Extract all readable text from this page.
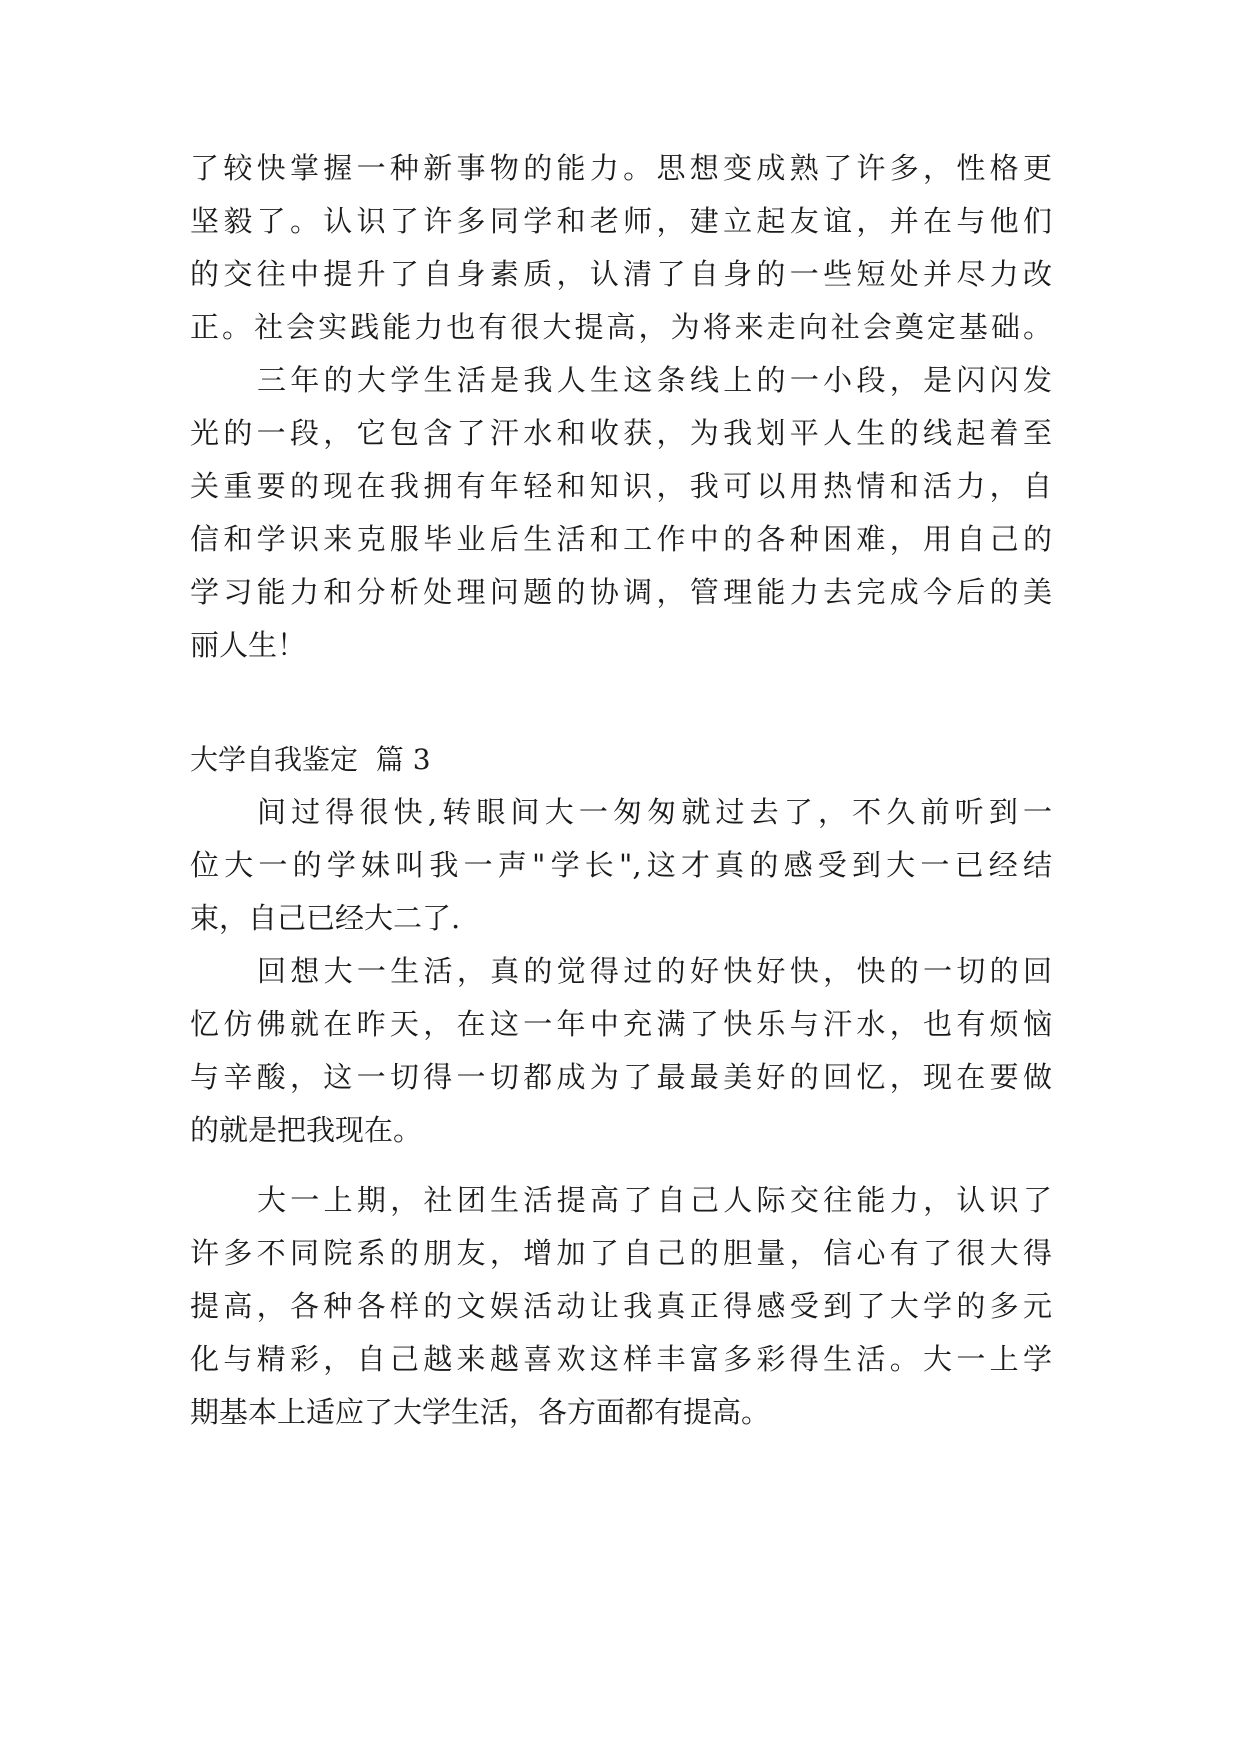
了较快掌握一种新事物的能力。思想变成熟了许多，性格更
坚毅了。认识了许多同学和老师，建立起友谊，并在与他们
的交往中提升了自身素质，认清了自身的一些短处并尽力改
正。社会实践能力也有很大提高，为将来走向社会奠定基础。
三年的大学生活是我人生这条线上的一小段，是闪闪发
光的一段，它包含了汗水和收获，为我划平人生的线起着至
关重要的现在我拥有年轻和知识，我可以用热情和活力，自
信和学识来克服毕业后生活和工作中的各种困难，用自己的
学习能力和分析处理问题的协调，管理能力去完成今后的美
丽人生！
大学自我鉴定  篇 3
间过得很快,转眼间大一匆匆就过去了，不久前听到一
位大一的学妹叫我一声"学长",这才真的感受到大一已经结
束，自己已经大二了.
回想大一生活，真的觉得过的好快好快，快的一切的回
忆仿佛就在昨天，在这一年中充满了快乐与汗水，也有烦恼
与辛酸，这一切得一切都成为了最最美好的回忆，现在要做
的就是把我现在。
大一上期，社团生活提高了自己人际交往能力，认识了
许多不同院系的朋友，增加了自己的胆量，信心有了很大得
提高，各种各样的文娱活动让我真正得感受到了大学的多元
化与精彩，自己越来越喜欢这样丰富多彩得生活。大一上学
期基本上适应了大学生活，各方面都有提高。
